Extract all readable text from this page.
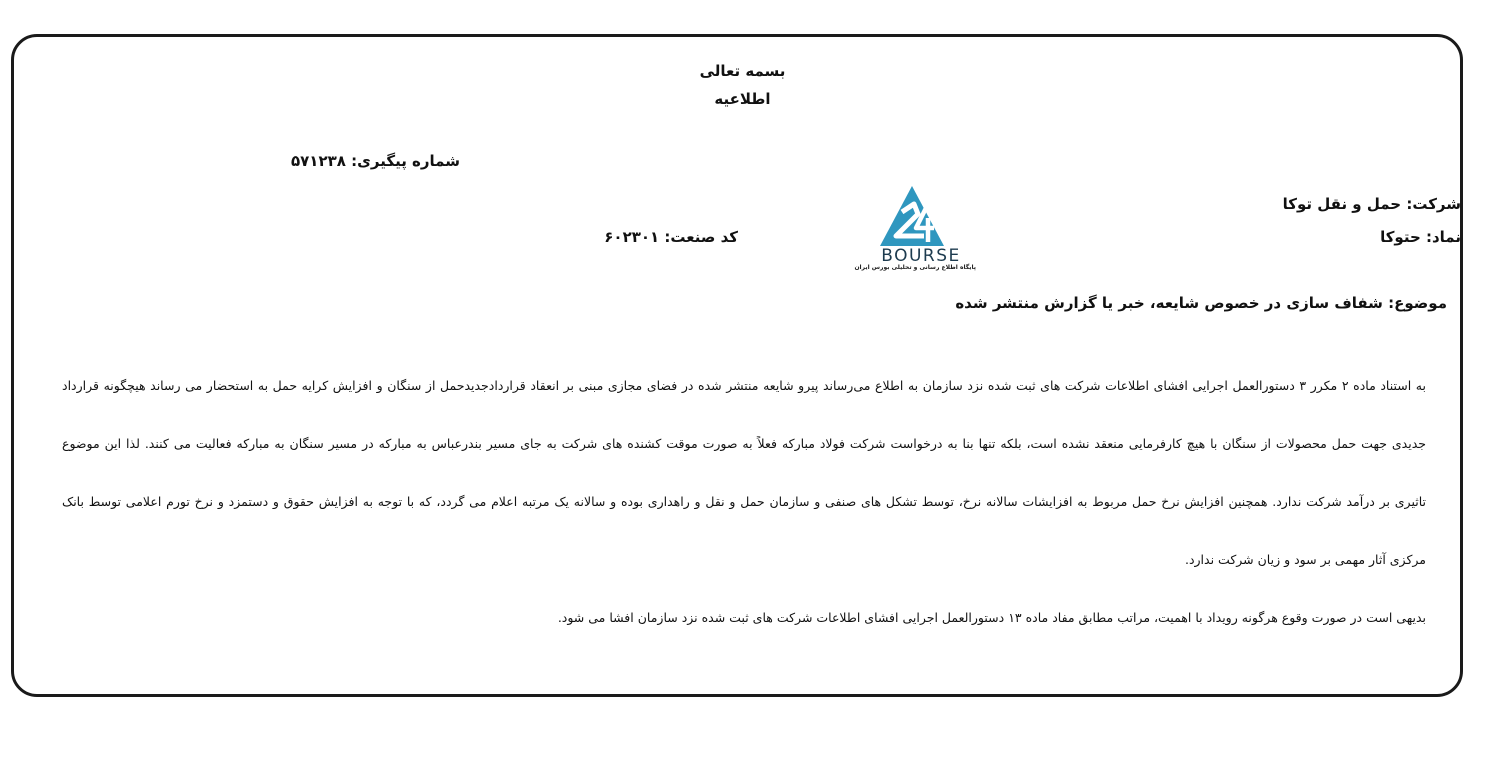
بسمه تعالی
اطلاعیه
شماره پیگیری: ۵۷۱۲۳۸
شرکت: حمل و نقل توکا
نماد: حتوکا
کد صنعت: ۶۰۲۳۰۱
BOURSE
پایگاه اطلاع رسانی و تحلیلی بورس ایران
موضوع: شفاف سازی در خصوص شایعه، خبر یا گزارش منتشر شده
به استناد ماده ۲ مکرر ۳ دستورالعمل اجرایی افشای اطلاعات شرکت های ثبت شده نزد سازمان به اطلاع می‌رساند پیرو شایعه منتشر شده در فضای مجازی مبنی بر انعقاد قراردادجدیدحمل از سنگان و افزایش کرایه حمل به استحضار می رساند هیچگونه قرارداد
جدیدی جهت حمل محصولات از سنگان با هیچ کارفرمایی منعقد نشده است، بلکه تنها بنا به درخواست شرکت فولاد مبارکه فعلاً به صورت موقت کشنده های شرکت به جای مسیر بندرعباس به مبارکه در مسیر سنگان به مبارکه فعالیت می کنند. لذا این موضوع
تاثیری بر درآمد شرکت ندارد. همچنین افزایش نرخ حمل مربوط به افزایشات سالانه نرخ، توسط تشکل های صنفی و سازمان حمل و نقل و راهداری بوده و سالانه یک مرتبه اعلام می گردد، که با توجه به افزایش حقوق و دستمزد و نرخ تورم اعلامی توسط بانک
مرکزی آثار مهمی بر سود و زیان شرکت ندارد.
بدیهی است در صورت وقوع هرگونه رویداد با اهمیت، مراتب مطابق مفاد ماده ۱۳ دستورالعمل اجرایی افشای اطلاعات شرکت های ثبت شده نزد سازمان افشا می شود.
